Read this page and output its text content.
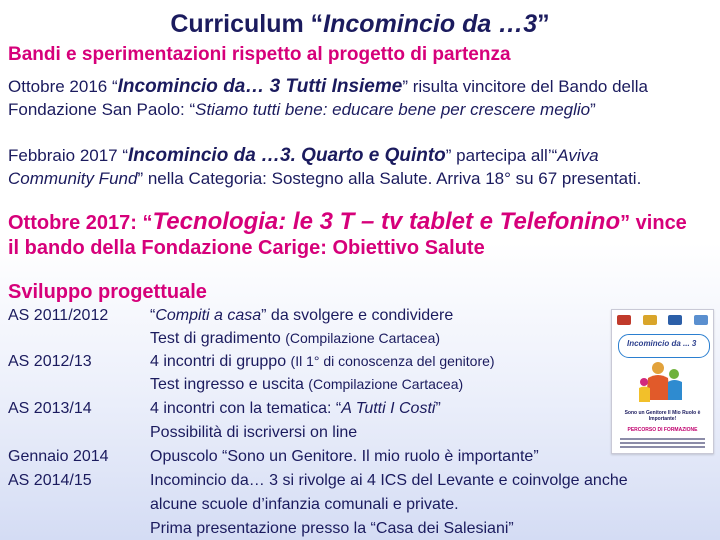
Curriculum “Incomincio da …3”
Bandi e sperimentazioni rispetto al progetto di partenza
Ottobre 2016 “Incomincio da… 3 Tutti Insieme” risulta vincitore del Bando della
Fondazione San Paolo: “Stiamo tutti bene: educare bene per crescere meglio”
Febbraio 2017 “Incomincio da …3. Quarto e Quinto” partecipa all’“Aviva
Community Fund” nella Categoria: Sostegno alla Salute. Arriva 18° su 67 presentati.
Ottobre 2017: “Tecnologia: le 3 T – tv tablet e Telefonino” vince
il bando della Fondazione Carige: Obiettivo Salute
Sviluppo progettuale
AS 2011/2012	“Compiti a casa” da svolgere e condividere
Test di gradimento (Compilazione Cartacea)
AS 2012/13	4 incontri di gruppo (Il 1° di conoscenza del genitore)
Test ingresso e uscita (Compilazione Cartacea)
AS 2013/14	4 incontri con la tematica: “A Tutti I Costi”
Possibilità di iscriversi on line
Gennaio 2014	Opuscolo “Sono un Genitore. Il mio ruolo è importante”
AS 2014/15	Incomincio da… 3 si rivolge ai 4 ICS del Levante e coinvolge anche
alcune scuole d’infanzia comunali e private.
Prima presentazione presso la “Casa dei Salesiani”
Incomincio da ... 3
Sono un Genitore Il Mio Ruolo è Importante!
PERCORSO DI FORMAZIONE
